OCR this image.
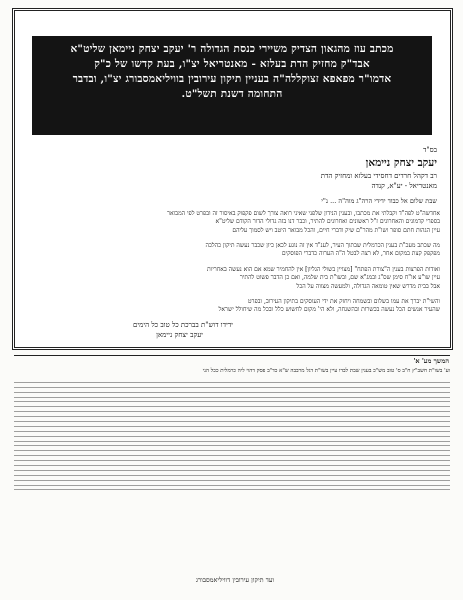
מכתב עוז מהגאון הצדיק משיירי כנסת הגדולה ר' יעקב יצחק ניימאן שליט"א
אבד"ק מחזיק הדת בעלזא - מאנטריאל יצ"ו, בעת קדשו של כ"ק
אדמו"ר מפאפא זצוקללה"ה בעניין תיקון עירובין בוויליאמסבורג יצ"ו, ובדבר
התחומה דשנת תשל"ט.
בס"ד
יעקב יצחק ניימאן
רב דקהל חרדים דחסידי בעלזא ומחזיק הדת
מאנטריאל - יע"א, קנדה
שבת שלום אל כבוד ידידי הרה"ג מוה"ה ... נ"י
אחדשה"ט לפה"ד וקבלתי את מכתבו, ובענין הנידון שלפני שאיני רואה צורך לשום פקפוק באיסור זה ובפרט לפי המבואר
בספרי קדמונים והאחרונים ז"ל ראשונים ואחרונים להתיר, וכבר דנו בזה גדולי הדור הקודם שליט"א
עיין הגהות חתם סופר ושו"ת מהר"ם שיק ודברי חיים, והכל מבואר היטב ויש לסמוך עליהם
מה שכתב מעכ"ת בענין הכרמלית שבתוך העיר, לענ"ד אין זה נוגע לכאן כיון שכבר נעשה תיקון כהלכה
מפקפק קצת במקום אחר, לא רצה לבטל ה"ה הערוה כדברי הפוסקים
ואודות הפרצות בענין ה"צורת הפתח" [מצויין בשולי הגליון] אין להחמיר שמא אם הוא נעשה באחריות
עיין שו"ע או"ח סימן שס"ג ובמג"א שם, ובשו"ת בית שלמה, ואם כן הדבר פשוט להתיר
אבל בבית מדרש שאין טומאה הגדולה, ולמעשה מצווה על הכל
והשי"ת יברך את עמו בשלום ובשמחה ויחזק את ידי העוסקים בתיקון העירוב, ובפרט
שהעיר אנשים הכל נעשה בכשרות ובהשגחה, ולא הי' מקום לחשוש כלל ובכל מה שיחולל ישראל
ידידו דוש"ת בברכת כל טוב כל הימים
יעקב יצחק ניימאן
המשך מע' א'
וע' בשו"ת חשב"ץ ח"ב ס' טוב מש"כ בענין שבת לבדו עיין בשו"ת דגל מרבבה ש"א כד"ב פסק דהוי ליה כרמלית ככל הני
ועד תיקון עירובין דוויליאמסבורג
